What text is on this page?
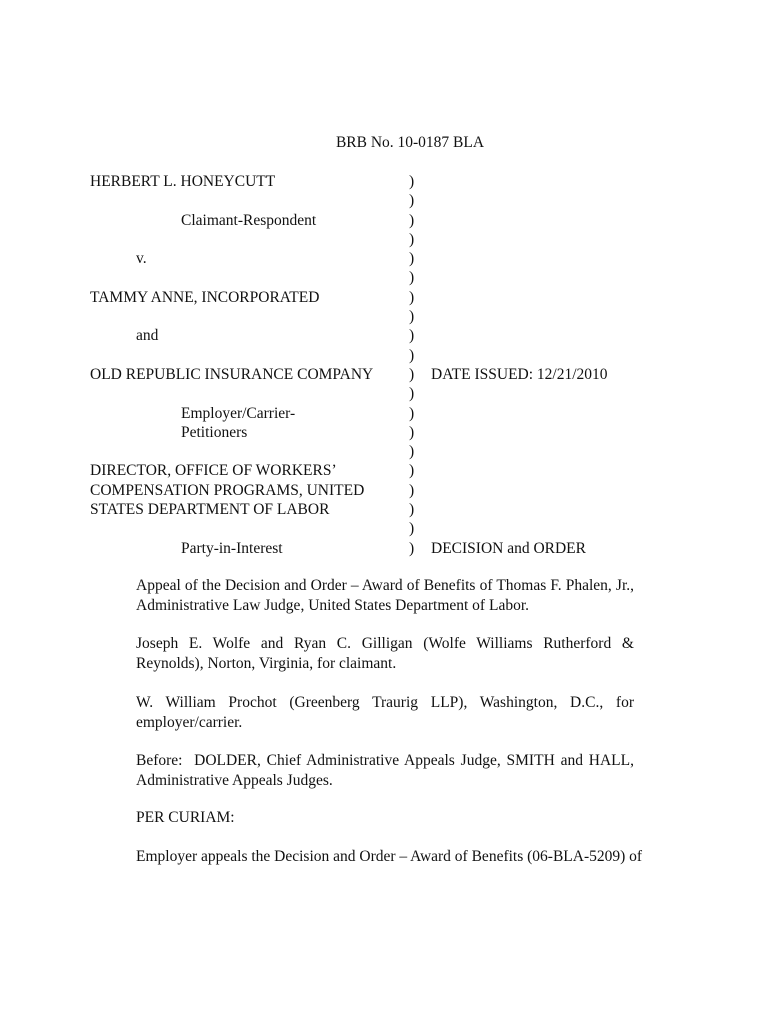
BRB No. 10-0187 BLA
HERBERT L. HONEYCUTT	)
)
Claimant-Respondent	)
)
v.	)
)
TAMMY ANNE, INCORPORATED	)
)
and	)
)
OLD REPUBLIC INSURANCE COMPANY ) DATE ISSUED: 12/21/2010
)
Employer/Carrier-	)
Petitioners	)
)
DIRECTOR, OFFICE OF WORKERS’	)
COMPENSATION PROGRAMS, UNITED	)
STATES DEPARTMENT OF LABOR	)
)
Party-in-Interest	) DECISION and ORDER
Appeal of the Decision and Order – Award of Benefits of Thomas F. Phalen, Jr., Administrative Law Judge, United States Department of Labor.
Joseph E. Wolfe and Ryan C. Gilligan (Wolfe Williams Rutherford & Reynolds), Norton, Virginia, for claimant.
W. William Prochot (Greenberg Traurig LLP), Washington, D.C., for employer/carrier.
Before:  DOLDER, Chief Administrative Appeals Judge, SMITH and HALL, Administrative Appeals Judges.
PER CURIAM:
Employer appeals the Decision and Order – Award of Benefits (06-BLA-5209) of
